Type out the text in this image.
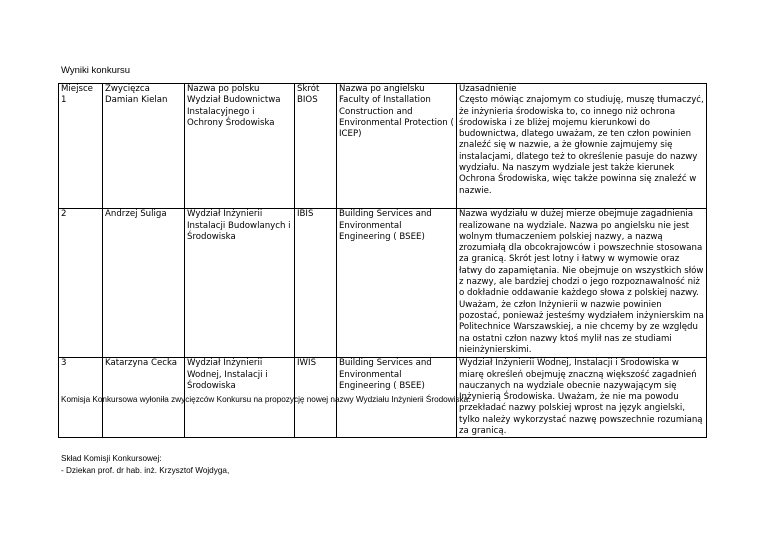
Wyniki konkursu
Miejsce	Zwycięzca	Nazwa po polsku	Skrót	Nazwa po angielsku	Uzasadnienie
1	Damian Kielan	Wydział Budownictwa Instalacyjnego i Ochrony Środowiska	BIOŚ	Faculty of Installation Construction and Environmental Protection ( ICEP)	Często mówiąc znajomym co studiuję, muszę tłumaczyć, że inżynieria środowiska to, co innego niż ochrona środowiska i ze bliżej mojemu kierunkowi do budownictwa, dlatego uważam, ze ten człon powinien znaleźć się w nazwie, a że głownie zajmujemy się instalacjami, dlatego też to określenie pasuje do nazwy wydziału. Na naszym wydziale jest także kierunek Ochrona Środowiska, więc także powinna się znaleźć w nazwie.
2	Andrzej Suliga	Wydział Inżynierii Instalacji Budowlanych i Środowiska	IBIŚ	Building Services and Environmental Engineering ( BSEE)	Nazwa wydziału w dużej mierze obejmuje zagadnienia realizowane na wydziale. Nazwa po angielsku nie jest wolnym tłumaczeniem polskiej nazwy, a nazwą zrozumiałą dla obcokrajowców i powszechnie stosowana za granicą. Skrót jest lotny i łatwy w wymowie oraz łatwy do zapamiętania. Nie obejmuje on wszystkich słów z nazwy, ale bardziej chodzi o jego rozpoznawalność niż o dokładnie oddawanie każdego słowa z polskiej nazwy. Uważam, że człon Inżynierii w nazwie powinien pozostać, ponieważ jesteśmy wydziałem inżynierskim na Politechnice Warszawskiej, a nie chcemy by ze względu na ostatni człon nazwy ktoś mylił nas ze studiami nieinżynierskimi.
3	Katarzyna Cecka	Wydział Inżynierii Wodnej, Instalacji i Środowiska	IWIŚ	Building Services and Environmental Engineering ( BSEE)	Wydział Inżynierii Wodnej, Instalacji i Środowiska w miarę określeń obejmuję znaczną większość zagadnień nauczanych na wydziale obecnie nazywającym się Inżynierią Środowiska. Uważam, że nie ma powodu przekładać nazwy polskiej wprost na język angielski, tylko należy wykorzystać nazwę powszechnie rozumianą za granicą.
Komisja Konkursowa wyłoniła zwycięzców Konkursu na propozycję nowej nazwy Wydziału Inżynierii Środowiska.
Skład Komisji Konkursowej:
- Dziekan prof. dr hab. inż. Krzysztof Wojdyga,
